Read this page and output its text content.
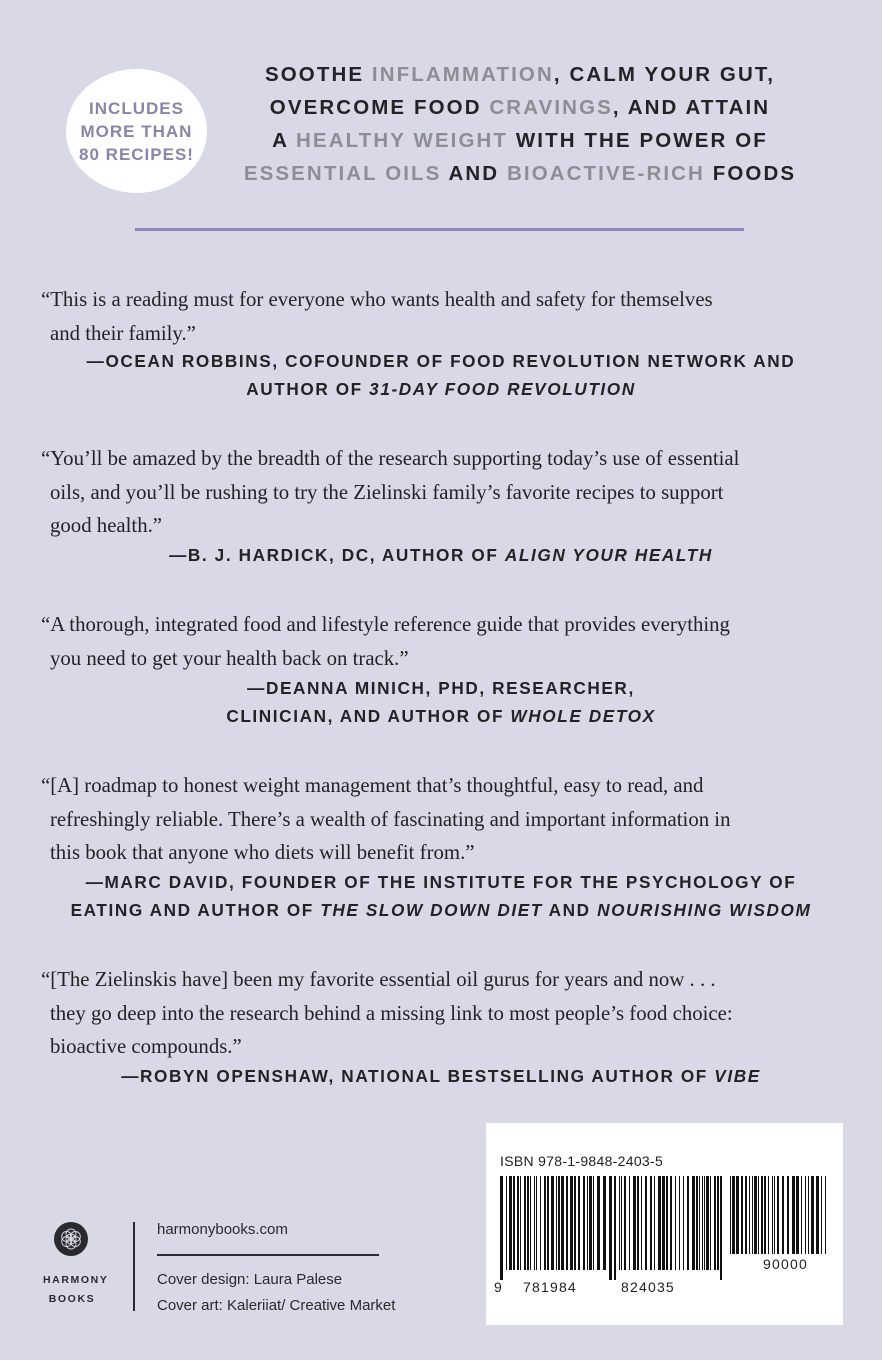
INCLUDES
MORE THAN
80 RECIPES!
SOOTHE INFLAMMATION, CALM YOUR GUT,
OVERCOME FOOD CRAVINGS, AND ATTAIN
A HEALTHY WEIGHT WITH THE POWER OF
ESSENTIAL OILS AND BIOACTIVE-RICH FOODS

“This is a reading must for everyone who wants health and safety for themselves
and their family.”

—OCEAN ROBBINS, COFOUNDER OF FOOD REVOLUTION NETWORK AND
AUTHOR OF 31-DAY FOOD REVOLUTION

“You’ll be amazed by the breadth of the research supporting today’s use of essential
oils, and you’ll be rushing to try the Zielinski family’s favorite recipes to support
good health.”

—B. J. HARDICK, DC, AUTHOR OF ALIGN YOUR HEALTH

“A thorough, integrated food and lifestyle reference guide that provides everything
you need to get your health back on track.”

—DEANNA MINICH, PHD, RESEARCHER,
CLINICIAN, AND AUTHOR OF WHOLE DETOX

“[A] roadmap to honest weight management that’s thoughtful, easy to read, and
refreshingly reliable. There’s a wealth of fascinating and important information in
this book that anyone who diets will benefit from.”

—MARC DAVID, FOUNDER OF THE INSTITUTE FOR THE PSYCHOLOGY OF
EATING AND AUTHOR OF THE SLOW DOWN DIET AND NOURISHING WISDOM

“[The Zielinskis have] been my favorite essential oil gurus for years and now . . .
they go deep into the research behind a missing link to most people’s food choice:
bioactive compounds.”

—ROBYN OPENSHAW, NATIONAL BESTSELLING AUTHOR OF VIBE
ISBN 978-1-9848-2403-5
9 781984	824035
90000
HARMONY
BOOKS
harmonybooks.com
Cover design: Laura Palese
Cover art: Kaleriiat/ Creative Market
